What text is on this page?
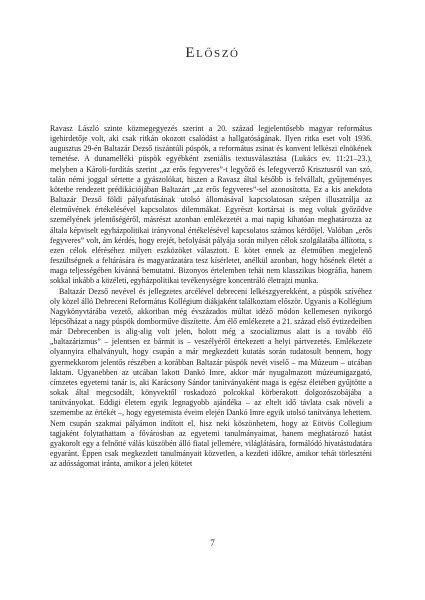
Előszó

Ravasz László szinte közmegegyezés szerint a 20. század legjelentősebb magyar református igehirdetője volt, aki csak ritkán okozott csalódást a hallgatóságának. Ilyen ritka eset volt 1936. augusztus 29-én Baltazár Dezső tiszántúli püspök, a református zsinat és konvent lelkészi elnökének temetése. A dunamelléki püspök egyébként zseniális textusválasztása (Lukács ev. 11:21–23.), melyben a Károli-fordítás szerint „az erős fegyveres”-t legyőző és lefegyverző Krisztusról van szó, talán némi joggal sértette a gyászolókat, hiszen a Ravasz által később is felvállalt, gyűjteményes kötetbe rendezett prédikációjában Baltazárt „az erős fegyveres”-sel azonosította. Ez a kis anekdota Baltazár Dezső földi pályafutásának utolsó állomásával kapcsolatosan szépen illusztrálja az életművének értékelésével kapcsolatos dilemmákat. Egyrészt kortársai is meg voltak győződve személyének jelentőségéről, másrészt azonban emlékezetét a mai napig kihatóan meghatározza az általa képviselt egyházpolitikai irányvonal értékelésével kapcsolatos számos kérdőjel. Valóban „erős fegyveres” volt, ám kérdés, hogy erejét, befolyását pályája során milyen célok szolgálatába állította, s ezen célok eléréséhez milyen eszközöket választott. E kötet ennek az életműben megjelenő feszültségnek a feltárására és magyarázatára tesz kísérletet, anélkül azonban, hogy hősének életét a maga teljességében kívánná bemutatni. Bizonyos értelemben tehát nem klasszikus biográfia, hanem sokkal inkább a közéleti, egyházpolitikai tevékenységre koncentráló életrajzi munka.

Baltazár Dezső nevével és jellegzetes arcélével debreceni lelkészgyerekként, a püspök szívéhez oly közel álló Debreceni Református Kollégium diákjaként találkoztam először. Ugyanis a Kollégium Nagykönyvtárába vezető, akkoriban még évszázados múltat idéző módon kellemesen nyikorgó lépcsőházat a nagy püspök domborműve díszítette. Ám élő emlékezete a 21. század első évtizedeiben már Debrecenben is alig-alig volt jelen, holott még a szocializmus alatt is a tovább élő „baltazárizmus” – jelentsen ez bármit is – veszélyéről értekezett a helyi pártvezetés. Emlékezete olyannyira elhalványult, hogy csupán a már megkezdett kutatás során tudatosult bennem, hogy gyermekkorom jelentős részében a korábban Baltazár püspök nevét viselő – ma Múzeum – utcában laktam. Ugyanebben az utcában lakott Dankó Imre, akkor már nyugalmazott múzeumigazgató, címzetes egyetemi tanár is, aki Karácsony Sándor tanítványaként maga is egész életében gyűjtötte a sokak által megcsodált, könyvektől roskadozó polcokkal körberakott dolgozószobájába a tanítványokat. Eddigi életem egyik legnagyobb ajándéka – az eltelt idő távlata csak növeli a szemembe az értékét –, hogy egyetemista éveim elején Dankó Imre egyik utolsó tanítványa lehettem. Nem csupán szakmai pályámon indított el, hisz neki köszönhetem, hogy az Eötvös Collegium tagjaként folytathattam a fővárosban az egyetemi tanulmányaimat, hanem meghatározó hatást gyakorolt egy a felnőtté válás küszöbén álló fiatal jellemére, világlátására, formálódó hivatástudatára egyaránt. Éppen csak megkezdett tanulmányait közvetlen, a kezdeti időkre, amikor tehát törleszténi az adósságomat iránta, amikor a jelen kötetet

7
